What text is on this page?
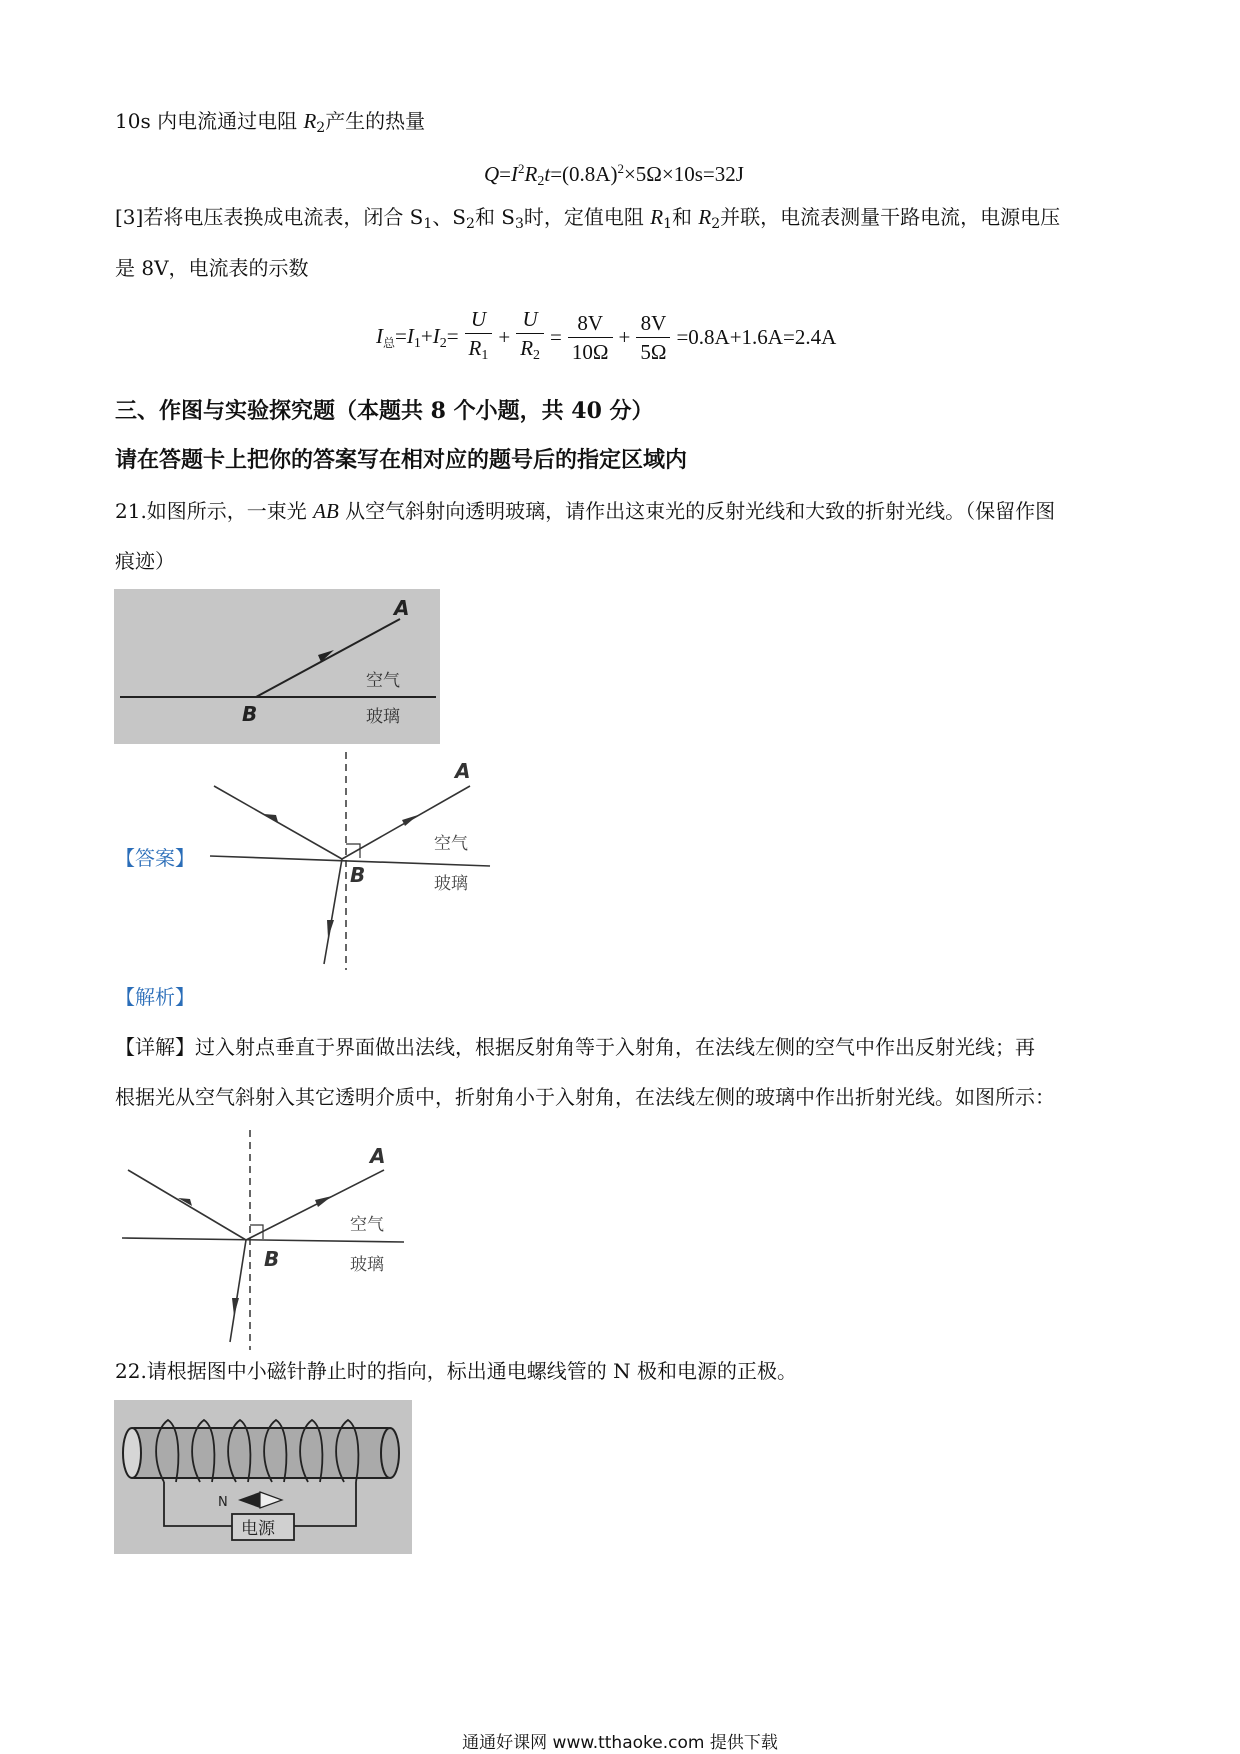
10s 内电流通过电阻 $R_2$产生的热量
$Q=I^2R_2t=(0.8A)^2\times 5\Omega\times 10s=32J$
[3]若将电压表换成电流表，闭合 $S_1$、$S_2$和 $S_3$时，定值电阻 $R_1$和 $R_2$并联，电流表测量干路电流，电源电压
是 8V，电流表的示数
$I_总=I_1+I_2= \frac{U}{R_1} + \frac{U}{R_2} = \frac{8V}{10\Omega} + \frac{8V}{5\Omega} =0.8A+1.6A=2.4A$
三、作图与实验探究题（本题共 8 个小题，共 40 分）
请在答题卡上把你的答案写在相对应的题号后的指定区域内
21.如图所示，一束光 AB 从空气斜射向透明玻璃，请作出这束光的反射光线和大致的折射光线。（保留作图
痕迹）
A
B
空气
玻璃
【答案】
A
B
空气
玻璃
【解析】
【详解】过入射点垂直于界面做出法线，根据反射角等于入射角，在法线左侧的空气中作出反射光线；再
根据光从空气斜射入其它透明介质中，折射角小于入射角，在法线左侧的玻璃中作出折射光线。如图所示：
A
B
空气
玻璃
22.请根据图中小磁针静止时的指向，标出通电螺线管的 N 极和电源的正极。
电源
N
通通好课网 www.tthaoke.com 提供下载
